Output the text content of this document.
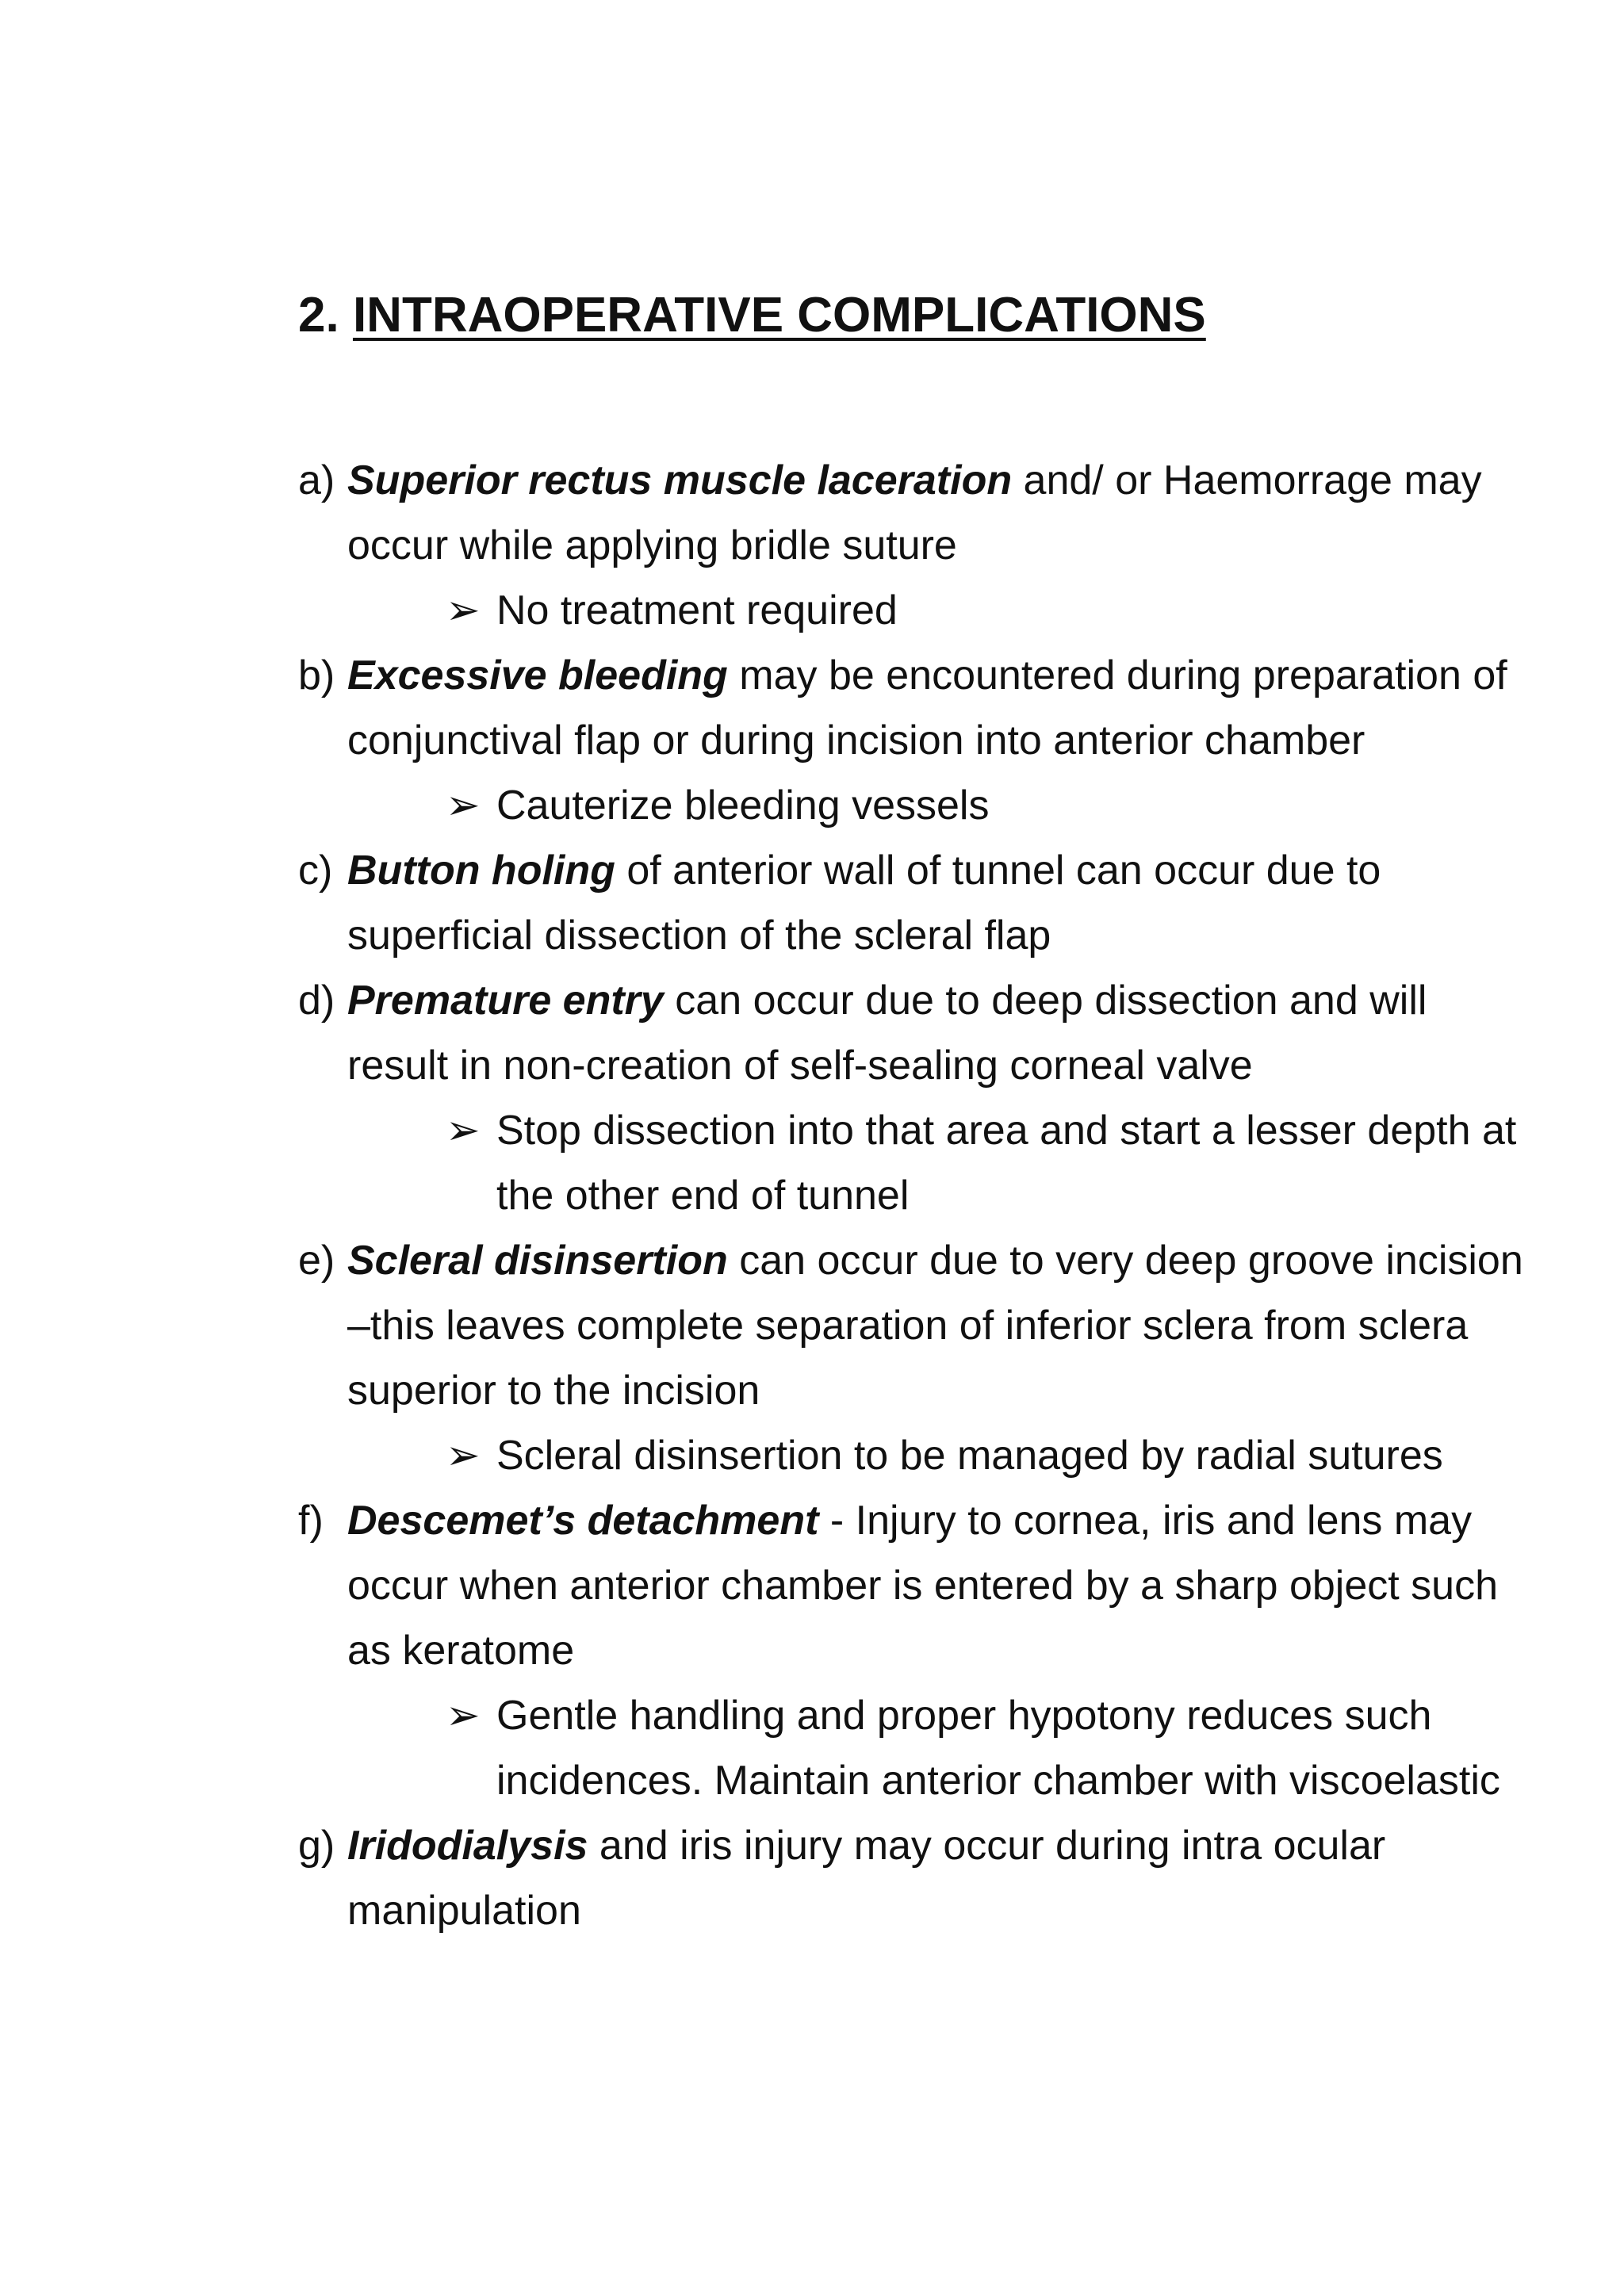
2. INTRAOPERATIVE COMPLICATIONS
a) Superior rectus muscle laceration and/ or Haemorrage may occur while applying bridle suture
➢ No treatment required
b) Excessive bleeding may be encountered during preparation of conjunctival flap or during incision into anterior chamber
➢ Cauterize bleeding vessels
c) Button holing of anterior wall of tunnel can occur due to superficial dissection of the scleral flap
d) Premature entry can occur due to deep dissection and will result in non-creation of self-sealing corneal valve
➢ Stop dissection into that area and start a lesser depth at the other end of tunnel
e) Scleral disinsertion can occur due to very deep groove incision –this leaves complete separation of inferior sclera from sclera superior to the incision
➢ Scleral disinsertion to be managed by radial sutures
f) Descemet’s detachment - Injury to cornea, iris and lens may occur when anterior chamber is entered by a sharp object such as keratome
➢ Gentle handling and proper hypotony reduces such incidences. Maintain anterior chamber with viscoelastic
g) Iridodialysis and iris injury may occur during intra ocular manipulation
